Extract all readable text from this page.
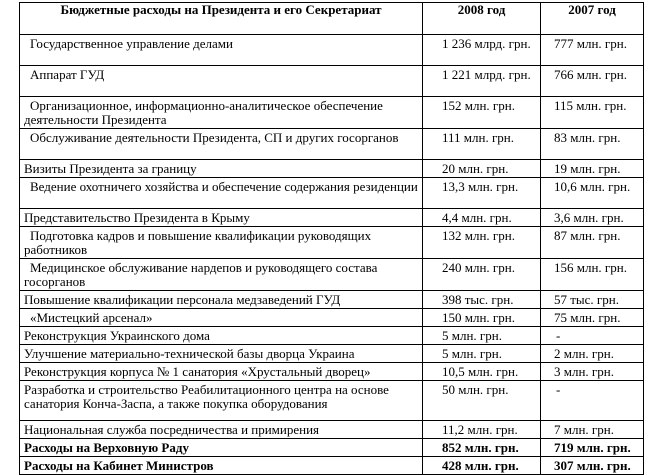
Бюджетные расходы на Президента и его Секретариат	2008 год	2007 год
Государственное управление делами	1 236 млрд. грн.	777 млн. грн.
Аппарат ГУД	1 221 млрд. грн.	766 млн. грн.
Организационное, информационно-аналитическое обеспечение деятельности Президента	152 млн. грн.	115 млн. грн.
Обслуживание деятельности Президента, СП и других госорганов	111 млн. грн.	83 млн. грн.
Визиты Президента за границу	20 млн. грн.	19 млн. грн.
Ведение охотничего хозяйства и обеспечение содержания резиденции	13,3 млн. грн.	10,6 млн. грн.
Представительство Президента в Крыму	4,4 млн. грн.	3,6 млн. грн.
Подготовка кадров и повышение квалификации руководящих работников	132 млн. грн.	87 млн. грн.
Медицинское обслуживание нардепов и руководящего состава госорганов	240 млн. грн.	156 млн. грн.
Повышение квалификации персонала медзаведений ГУД	398 тыс. грн.	57 тыс. грн.
«Мистецкий арсенал»	150 млн. грн.	75 млн. грн.
Реконструкция Украинского дома	5 млн. грн.	-
Улучшение материально-технической базы дворца Украина	5 млн. грн.	2 млн. грн.
Реконструкция корпуса № 1 санатория «Хрустальный дворец»	10,5 млн. грн.	3 млн. грн.
Разработка и строительство Реабилитационного центра на основе санатория Конча-Заспа, а также покупка оборудования	50 млн. грн.	-
Национальная служба посредничества и примирения	11,2 млн. грн.	7 млн. грн.
Расходы на Верховную Раду	852 млн. грн.	719 млн. грн.
Расходы на Кабинет Министров	428 млн. грн.	307 млн. грн.
